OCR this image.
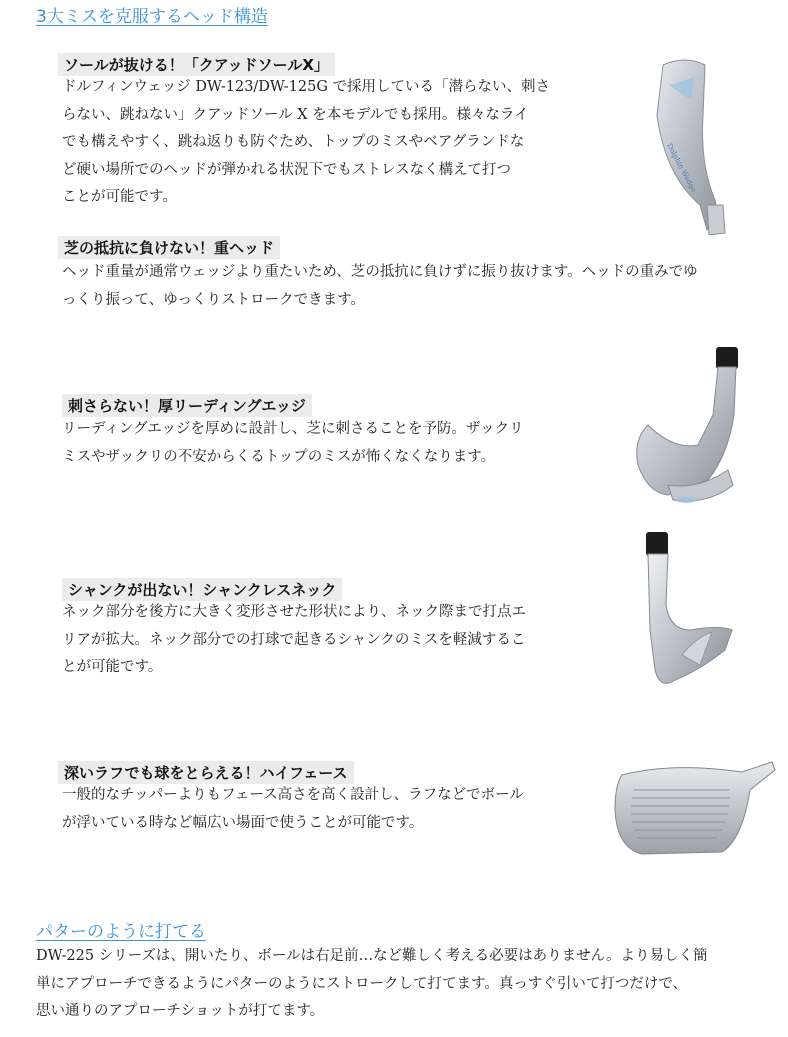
3大ミスを克服するヘッド構造
ソールが抜ける！「クアッドソールX」
ドルフィンウェッジ DW-123/DW-125G で採用している「潜らない、刺さ
らない、跳ねない」クアッドソール X を本モデルでも採用。様々なライ
でも構えやすく、跳ね返りも防ぐため、トップのミスやベアグランドな
ど硬い場所でのヘッドが弾かれる状況下でもストレスなく構えて打つ
ことが可能です。
Dolphin Wedge
芝の抵抗に負けない！重ヘッド
ヘッド重量が通常ウェッジより重たいため、芝の抵抗に負けずに振り抜けます。ヘッドの重みでゆ
っくり振って、ゆっくりストロークできます。
刺さらない！厚リーディングエッジ
リーディングエッジを厚めに設計し、芝に刺さることを予防。ザックリ
ミスやザックリの不安からくるトップのミスが怖くなくなります。
シャンクが出ない！シャンクレスネック
ネック部分を後方に大きく変形させた形状により、ネック際まで打点エ
リアが拡大。ネック部分での打球で起きるシャンクのミスを軽減するこ
とが可能です。
深いラフでも球をとらえる！ハイフェース
一般的なチッパーよりもフェース高さを高く設計し、ラフなどでボール
が浮いている時など幅広い場面で使うことが可能です。
パターのように打てる
DW-225 シリーズは、開いたり、ボールは右足前…など難しく考える必要はありません。より易しく簡
単にアプローチできるようにパターのようにストロークして打てます。真っすぐ引いて打つだけで、
思い通りのアプローチショットが打てます。
